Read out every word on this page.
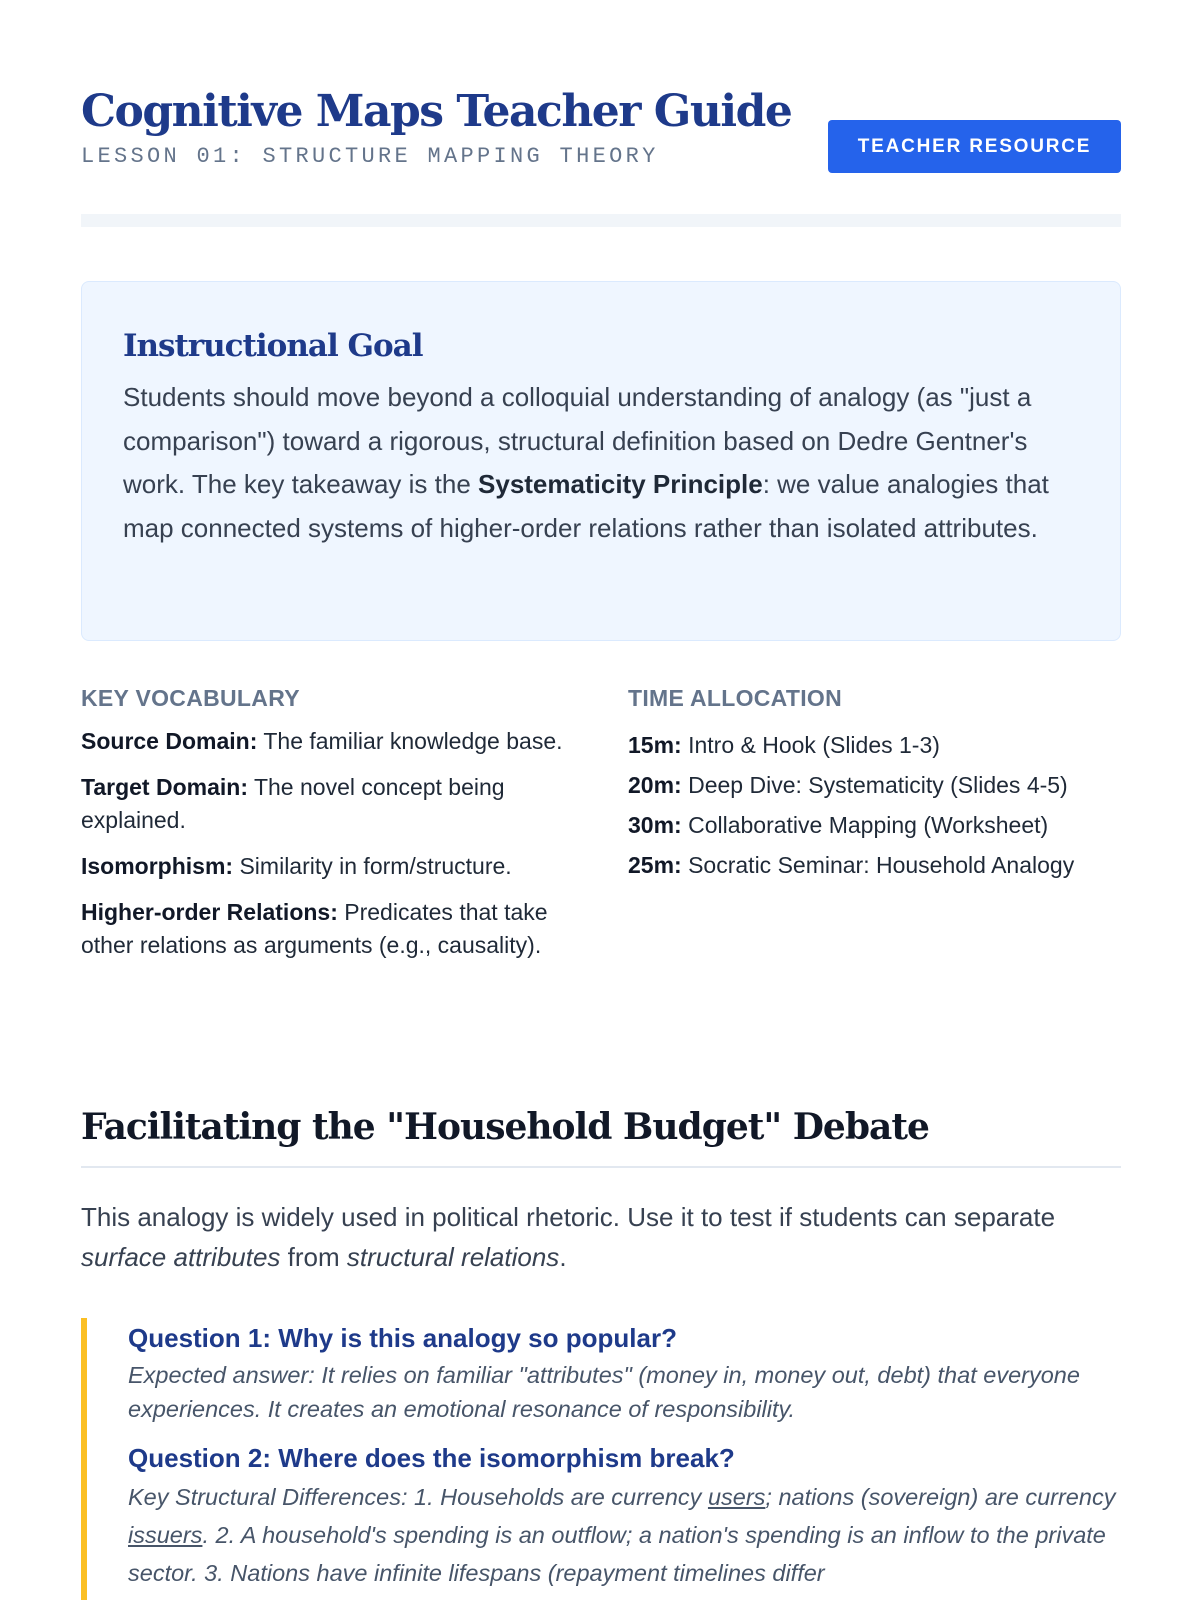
Cognitive Maps Teacher Guide
LESSON 01: STRUCTURE MAPPING THEORY	TEACHER RESOURCE
Instructional Goal

Students should move beyond a colloquial understanding of analogy (as "just a comparison") toward a rigorous, structural definition based on Dedre Gentner's work. The key takeaway is the Systematicity Principle: we value analogies that map connected systems of higher-order relations rather than isolated attributes.

KEY VOCABULARY

Source Domain: The familiar knowledge base.

Target Domain: The novel concept being explained.

Isomorphism: Similarity in form/structure.

Higher-order Relations: Predicates that take other relations as arguments (e.g., causality).

TIME ALLOCATION

15m: Intro & Hook (Slides 1-3)

20m: Deep Dive: Systematicity (Slides 4-5)

30m: Collaborative Mapping (Worksheet)

25m: Socratic Seminar: Household Analogy

Facilitating the "Household Budget" Debate

This analogy is widely used in political rhetoric. Use it to test if students can separate surface attributes from structural relations.

Question 1: Why is this analogy so popular?

Expected answer: It relies on familiar "attributes" (money in, money out, debt) that everyone experiences. It creates an emotional resonance of responsibility.

Question 2: Where does the isomorphism break?

Key Structural Differences: 1. Households are currency users; nations (sovereign) are currency issuers. 2. A household's spending is an outflow; a nation's spending is an inflow to the private sector. 3. Nations have infinite lifespans (repayment timelines differ
